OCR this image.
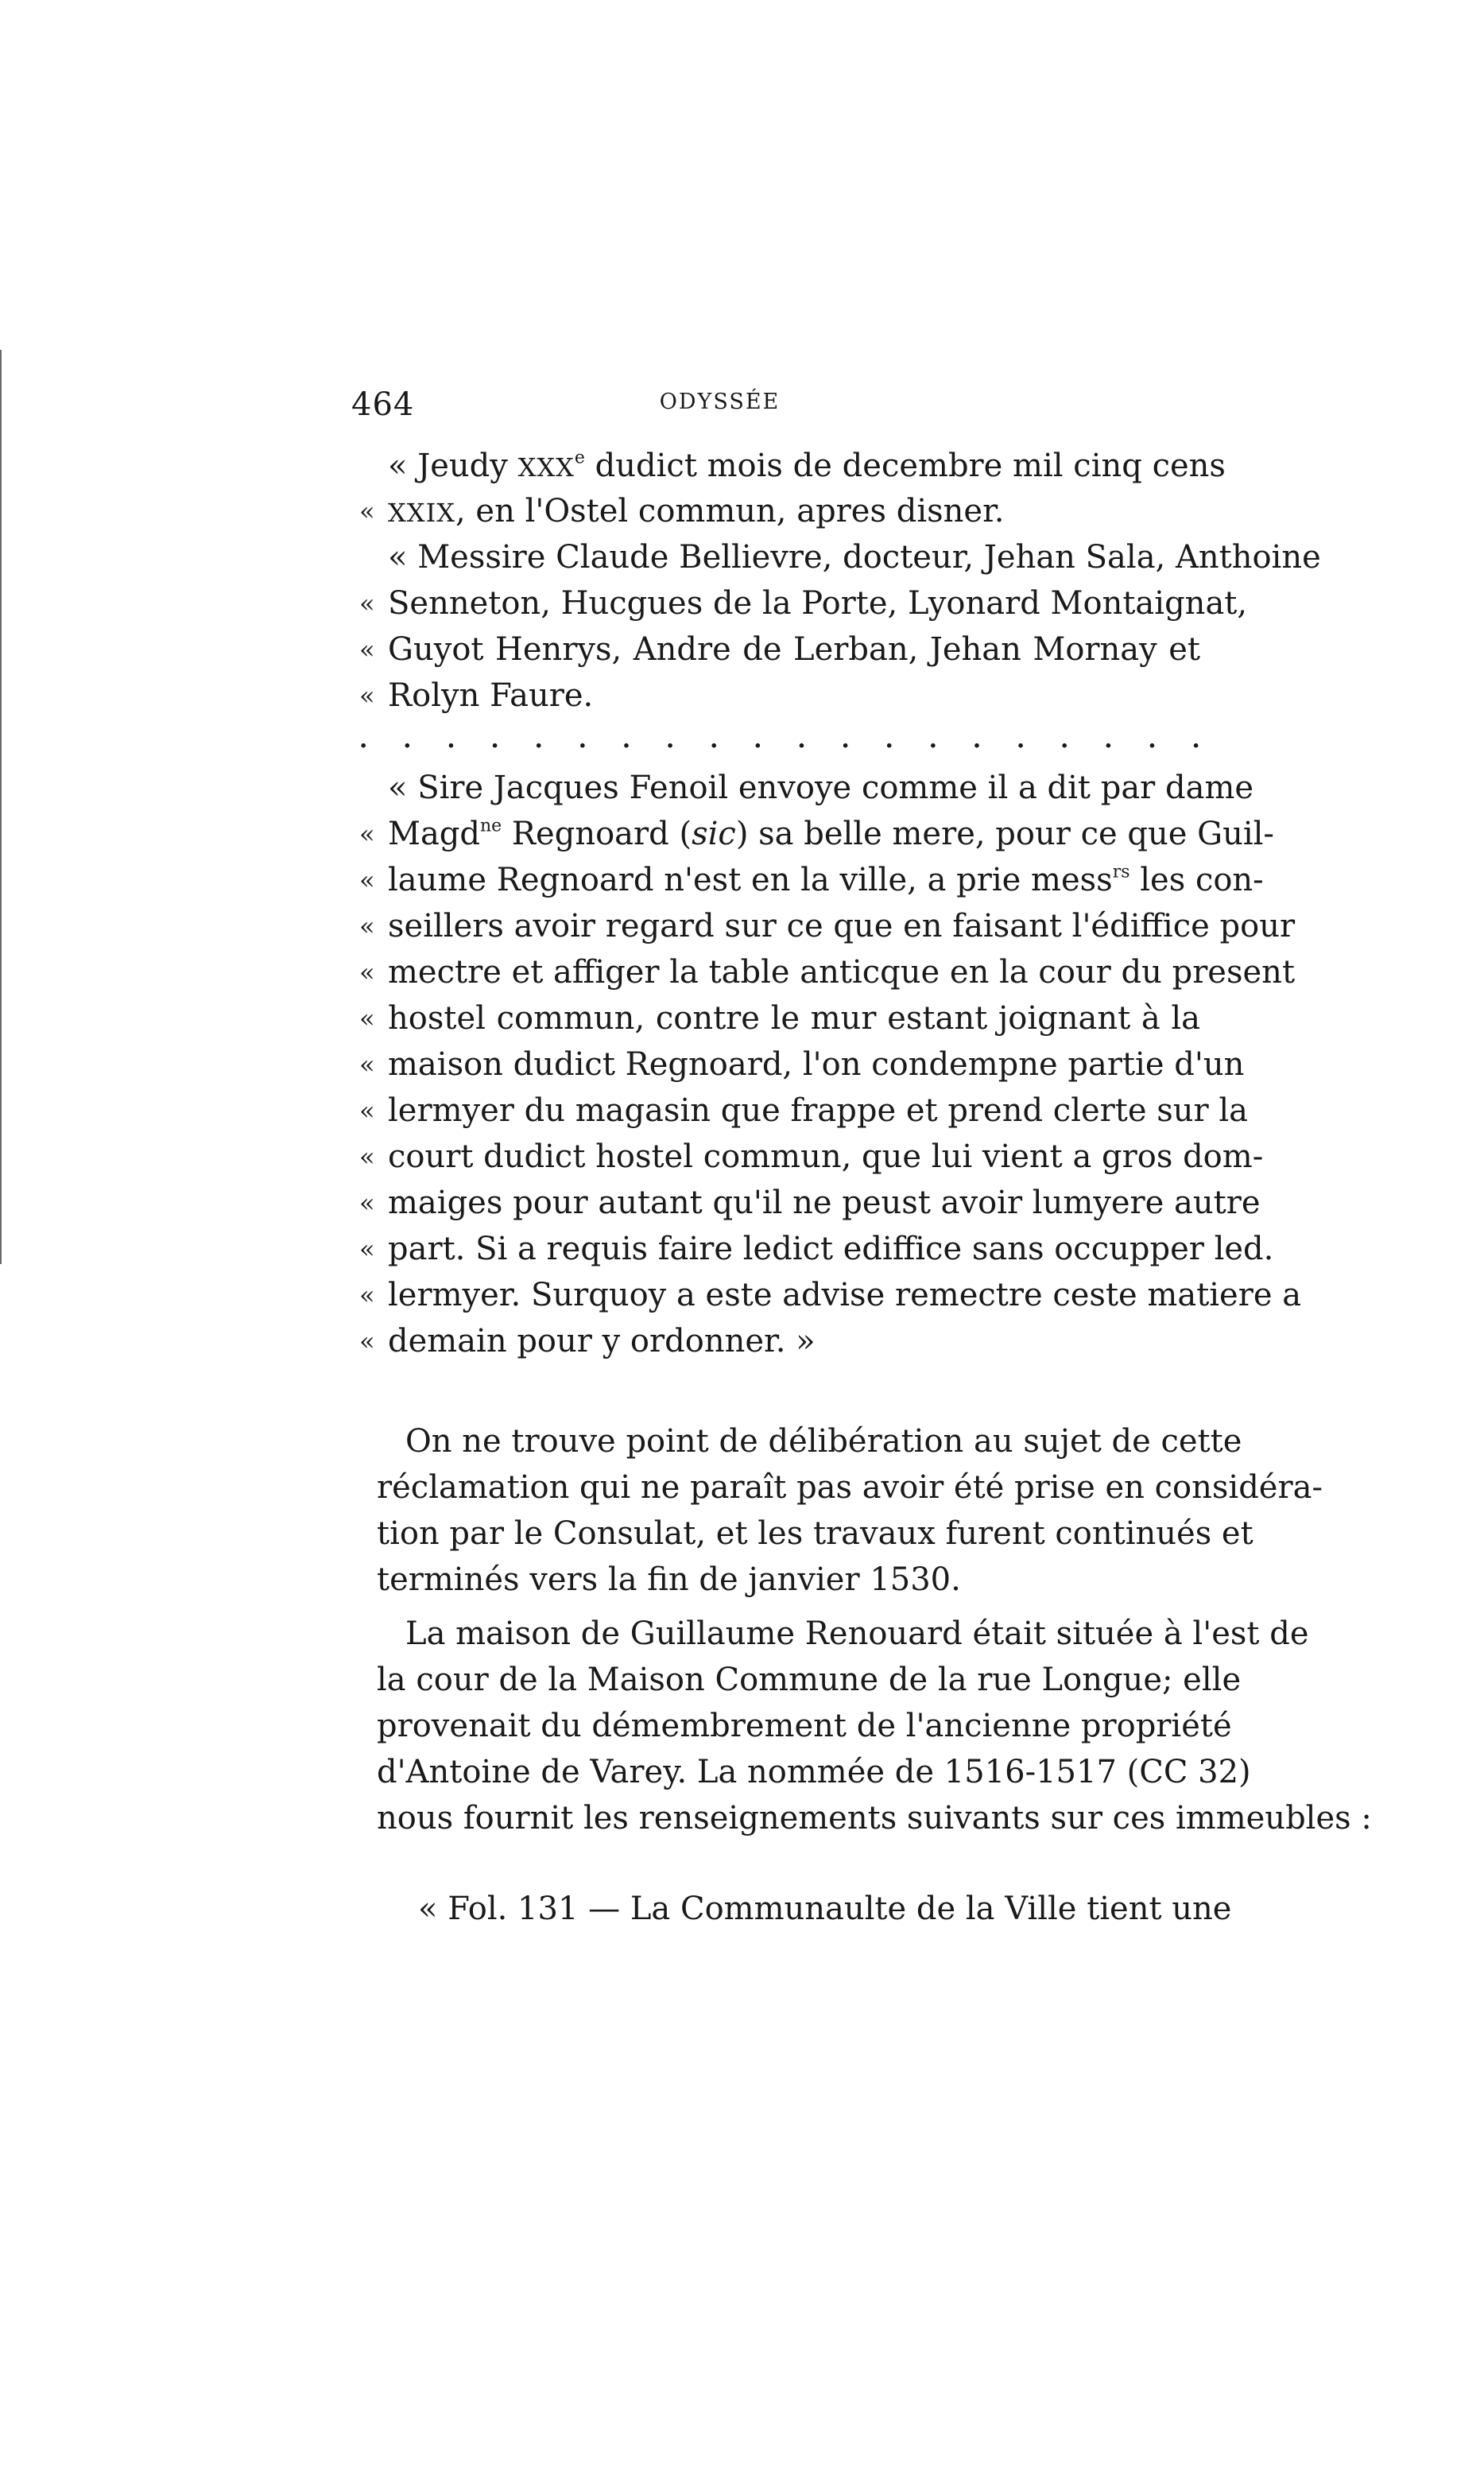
464	ODYSSÉE
« Jeudy XXXe dudict mois de decembre mil cinq cens
« XXIX, en l'Ostel commun, apres disner.
« Messire Claude Bellievre, docteur, Jehan Sala, Anthoine
« Senneton, Hucgues de la Porte, Lyonard Montaignat,
« Guyot Henrys, Andre de Lerban, Jehan Mornay et
« Rolyn Faure.
. . . . . . . . . . . . . . . . . . . .
« Sire Jacques Fenoil envoye comme il a dit par dame
« Magd$^{ne}$ Regnoard (sic) sa belle mere, pour ce que Guil-
« laume Regnoard n'est en la ville, a prie mess$^{rs}$ les con-
« seillers avoir regard sur ce que en faisant l'édiffice pour
« mectre et affiger la table anticque en la cour du present
« hostel commun, contre le mur estant joignant à la
« maison dudict Regnoard, l'on condempne partie d'un
« lermyer du magasin que frappe et prend clerte sur la
« court dudict hostel commun, que lui vient a gros dom-
« maiges pour autant qu'il ne peust avoir lumyere autre
« part. Si a requis faire ledict ediffice sans occupper led.
« lermyer. Surquoy a este advise remectre ceste matiere a
« demain pour y ordonner. »
On ne trouve point de délibération au sujet de cette
réclamation qui ne paraît pas avoir été prise en considéra-
tion par le Consulat, et les travaux furent continués et
terminés vers la fin de janvier 1530.
La maison de Guillaume Renouard était située à l'est de
la cour de la Maison Commune de la rue Longue; elle
provenait du démembrement de l'ancienne propriété
d'Antoine de Varey. La nommée de 1516-1517 (CC 32)
nous fournit les renseignements suivants sur ces immeubles :
« Fol. 131 — La Communaulte de la Ville tient une
